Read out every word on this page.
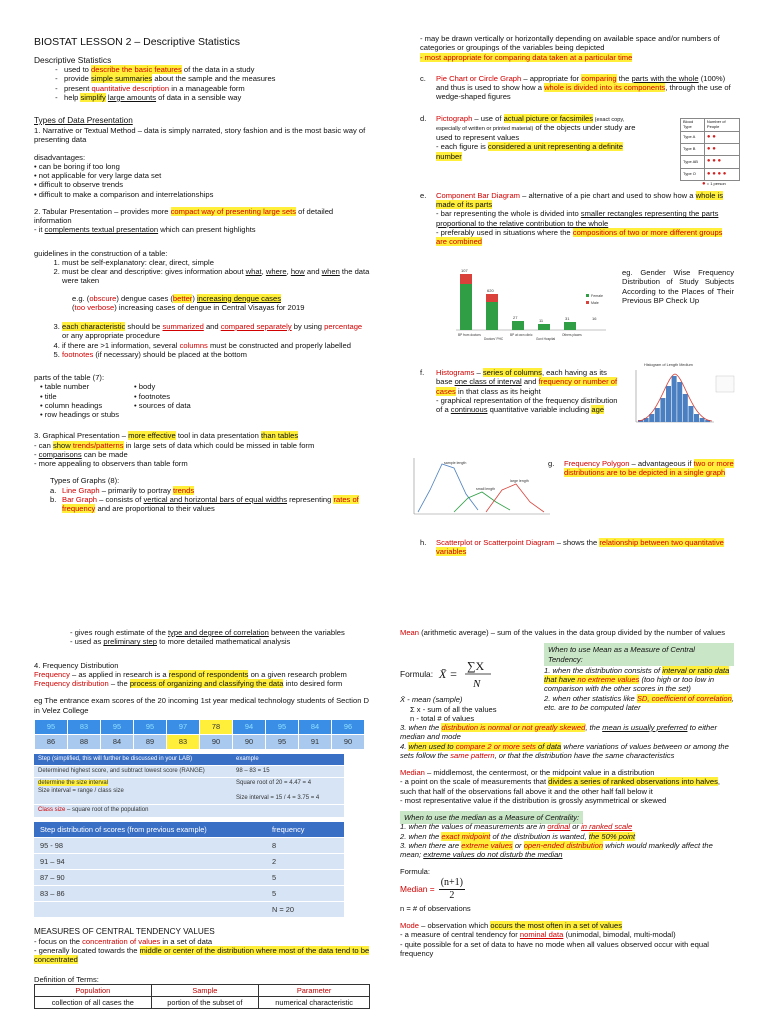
BIOSTAT LESSON 2 – Descriptive Statistics
Descriptive Statistics
- used to describe the basic features of the data in a study
- provide simple summaries about the sample and the measures
- present quantitative description in a manageable form
- help simplify large amounts of data in a sensible way
Types of Data Presentation

1. Narrative or Textual Method – data is simply narrated, story fashion and is the most basic way of presenting data

disadvantages:

• can be boring if too long

• not applicable for very large data set

• difficult to observe trends

• difficult to make a comparison and interrelationships

2. Tabular Presentation – provides more compact way of presenting large sets of detailed information

- it complements textual presentation which can present highlights

guidelines in the construction of a table:

1. must be self-explanatory: clear, direct, simple
2. must be clear and descriptive: gives information about what, where, how and when the data were taken
e.g. (obscure) dengue cases (better) increasing dengue cases
(too verbose) increasing cases of dengue in Central Visayas for 2019
3. each characteristic should be summarized and compared separately by using percentage or any appropriate procedure
4. if there are >1 information, several columns must be constructed and properly labelled
5. footnotes (if necessary) should be placed at the bottom

parts of the table (7):

• table number	• body
• title	• footnotes
• column headings	• sources of data
• row headings or stubs

3. Graphical Presentation – more effective tool in data presentation than tables

- can show trends/patterns in large sets of data which could be missed in table form

- comparisons can be made

- more appealing to observers than table form

Types of Graphs (8):

a. Line Graph – primarily to portray trends
b. Bar Graph – consists of vertical and horizontal bars of equal widths representing rates of frequency and are proportional to their values

- may be drawn vertically or horizontally depending on available space and/or numbers of categories or groupings of the variables being depicted

- most appropriate for comparing data taken at a particular time

c. Pie Chart or Circle Graph – appropriate for comparing the parts with the whole (100%) and thus is used to show how a whole is divided into its components, through the use of wedge-shaped figures
d. Pictograph – use of actual picture or facsimiles (exact copy, especially of written or printed material) of the objects under study are used to represent values
- each figure is considered a unit representing a definite number
e. Component Bar Diagram – alternative of a pie chart and used to show how a whole is made of its parts
- bar representing the whole is divided into smaller rectangles representing the parts proportional to the relative contribution to the whole
- preferably used in situations where the compositions of two or more different groups are combined
eg. Gender Wise Frequency Distribution of Study Subjects According to the Places of Their Previous BP Check Up
f. Histograms – series of columns, each having as its base one class of interval and frequency or number of cases in that class as its height
- graphical representation of the frequency distribution of a continuous quantitative variable including age
g. Frequency Polygon – advantageous if two or more distributions are to be depicted in a single graph
h. Scatterplot or Scatterpoint Diagram – shows the relationship between two quantitative variables
Blood Type	Number of People
Type A	● ●
Type B	● ●
Type AB	● ● ●
Type O	● ● ● ●
● = 1 person
107
620
27
11	31	16
BP from doctors
Doctors' PHC
BP at own clinic
Govt Hospital
Others places
Female
Male
Histogram of Length Medium
sample length
small length
large length

- gives rough estimate of the type and degree of correlation between the variables

- used as preliminary step to more detailed mathematical analysis

4. Frequency Distribution

Frequency – as applied in research is a respond of respondents on a given research problem

Frequency distribution – the process of organizing and classifying the data into desired form

eg The entrance exam scores of the 20 incoming 1st year medical technology students of Section D in Velez College

95	83	95	95	97	78	94	95	84	96
86	88	84	89	83	90	90	95	91	90
Step (simplified, this will further be discussed in your LAB)	example
Determined highest score, and subtract lowest score (RANGE)	98 – 83 = 15
determine the size interval
Size interval = range / class size	Square root of 20 = 4.47 = 4

Size interval = 15 / 4 = 3.75 = 4
Class size – square root of the population	
Step distribution of scores (from previous example)	frequency
95 - 98	8
91 – 94	2
87 – 90	5
83 – 86	5
	N = 20

MEASURES OF CENTRAL TENDENCY VALUES

- focus on the concentration of values in a set of data

- generally located towards the middle or center of the distribution where most of the data tend to be concentrated

Definition of Terms:

Population	Sample	Parameter
collection of all cases the	portion of the subset of	numerical characteristic

Mean (arithmetic average) – sum of the values in the data group divided by the number of values

Formula: X̄ =
∑X
N

X̄ - mean (sample)

Σ x - sum of all the values

n - total # of values

When to use Mean as a Measure of Central Tendency:

1. when the distribution consists of interval or ratio data that have no extreme values (too high or too low in comparison with the other scores in the set)

2. when other statistics like SD, coefficient of correlation, etc. are to be computed later

3. when the distribution is normal or not greatly skewed, the mean is usually preferred to either median and mode

4. when used to compare 2 or more sets of data where variations of values between or among the sets follow the same pattern, or that the distribution have the same characteristics

Median – middlemost, the centermost, or the midpoint value in a distribution

- a point on the scale of measurements that divides a series of ranked observations into halves, such that half of the observations fall above it and the other half fall below it

- most representative value if the distribution is grossly asymmetrical or skewed

When to use the median as a Measure of Centrality:

1. when the values of measurements are in ordinal or in ranked scale

2. when the exact midpoint of the distribution is wanted, the 50% point

3. when there are extreme values or open-ended distribution which would markedly affect the mean; extreme values do not disturb the median

Formula:

Median = $\frac{(n+1)}{2}$

n = # of observations

Mode – observation which occurs the most often in a set of values

- a measure of central tendency for nominal data (unimodal, bimodal, multi-modal)

- quite possible for a set of data to have no mode when all values observed occur with equal frequency
